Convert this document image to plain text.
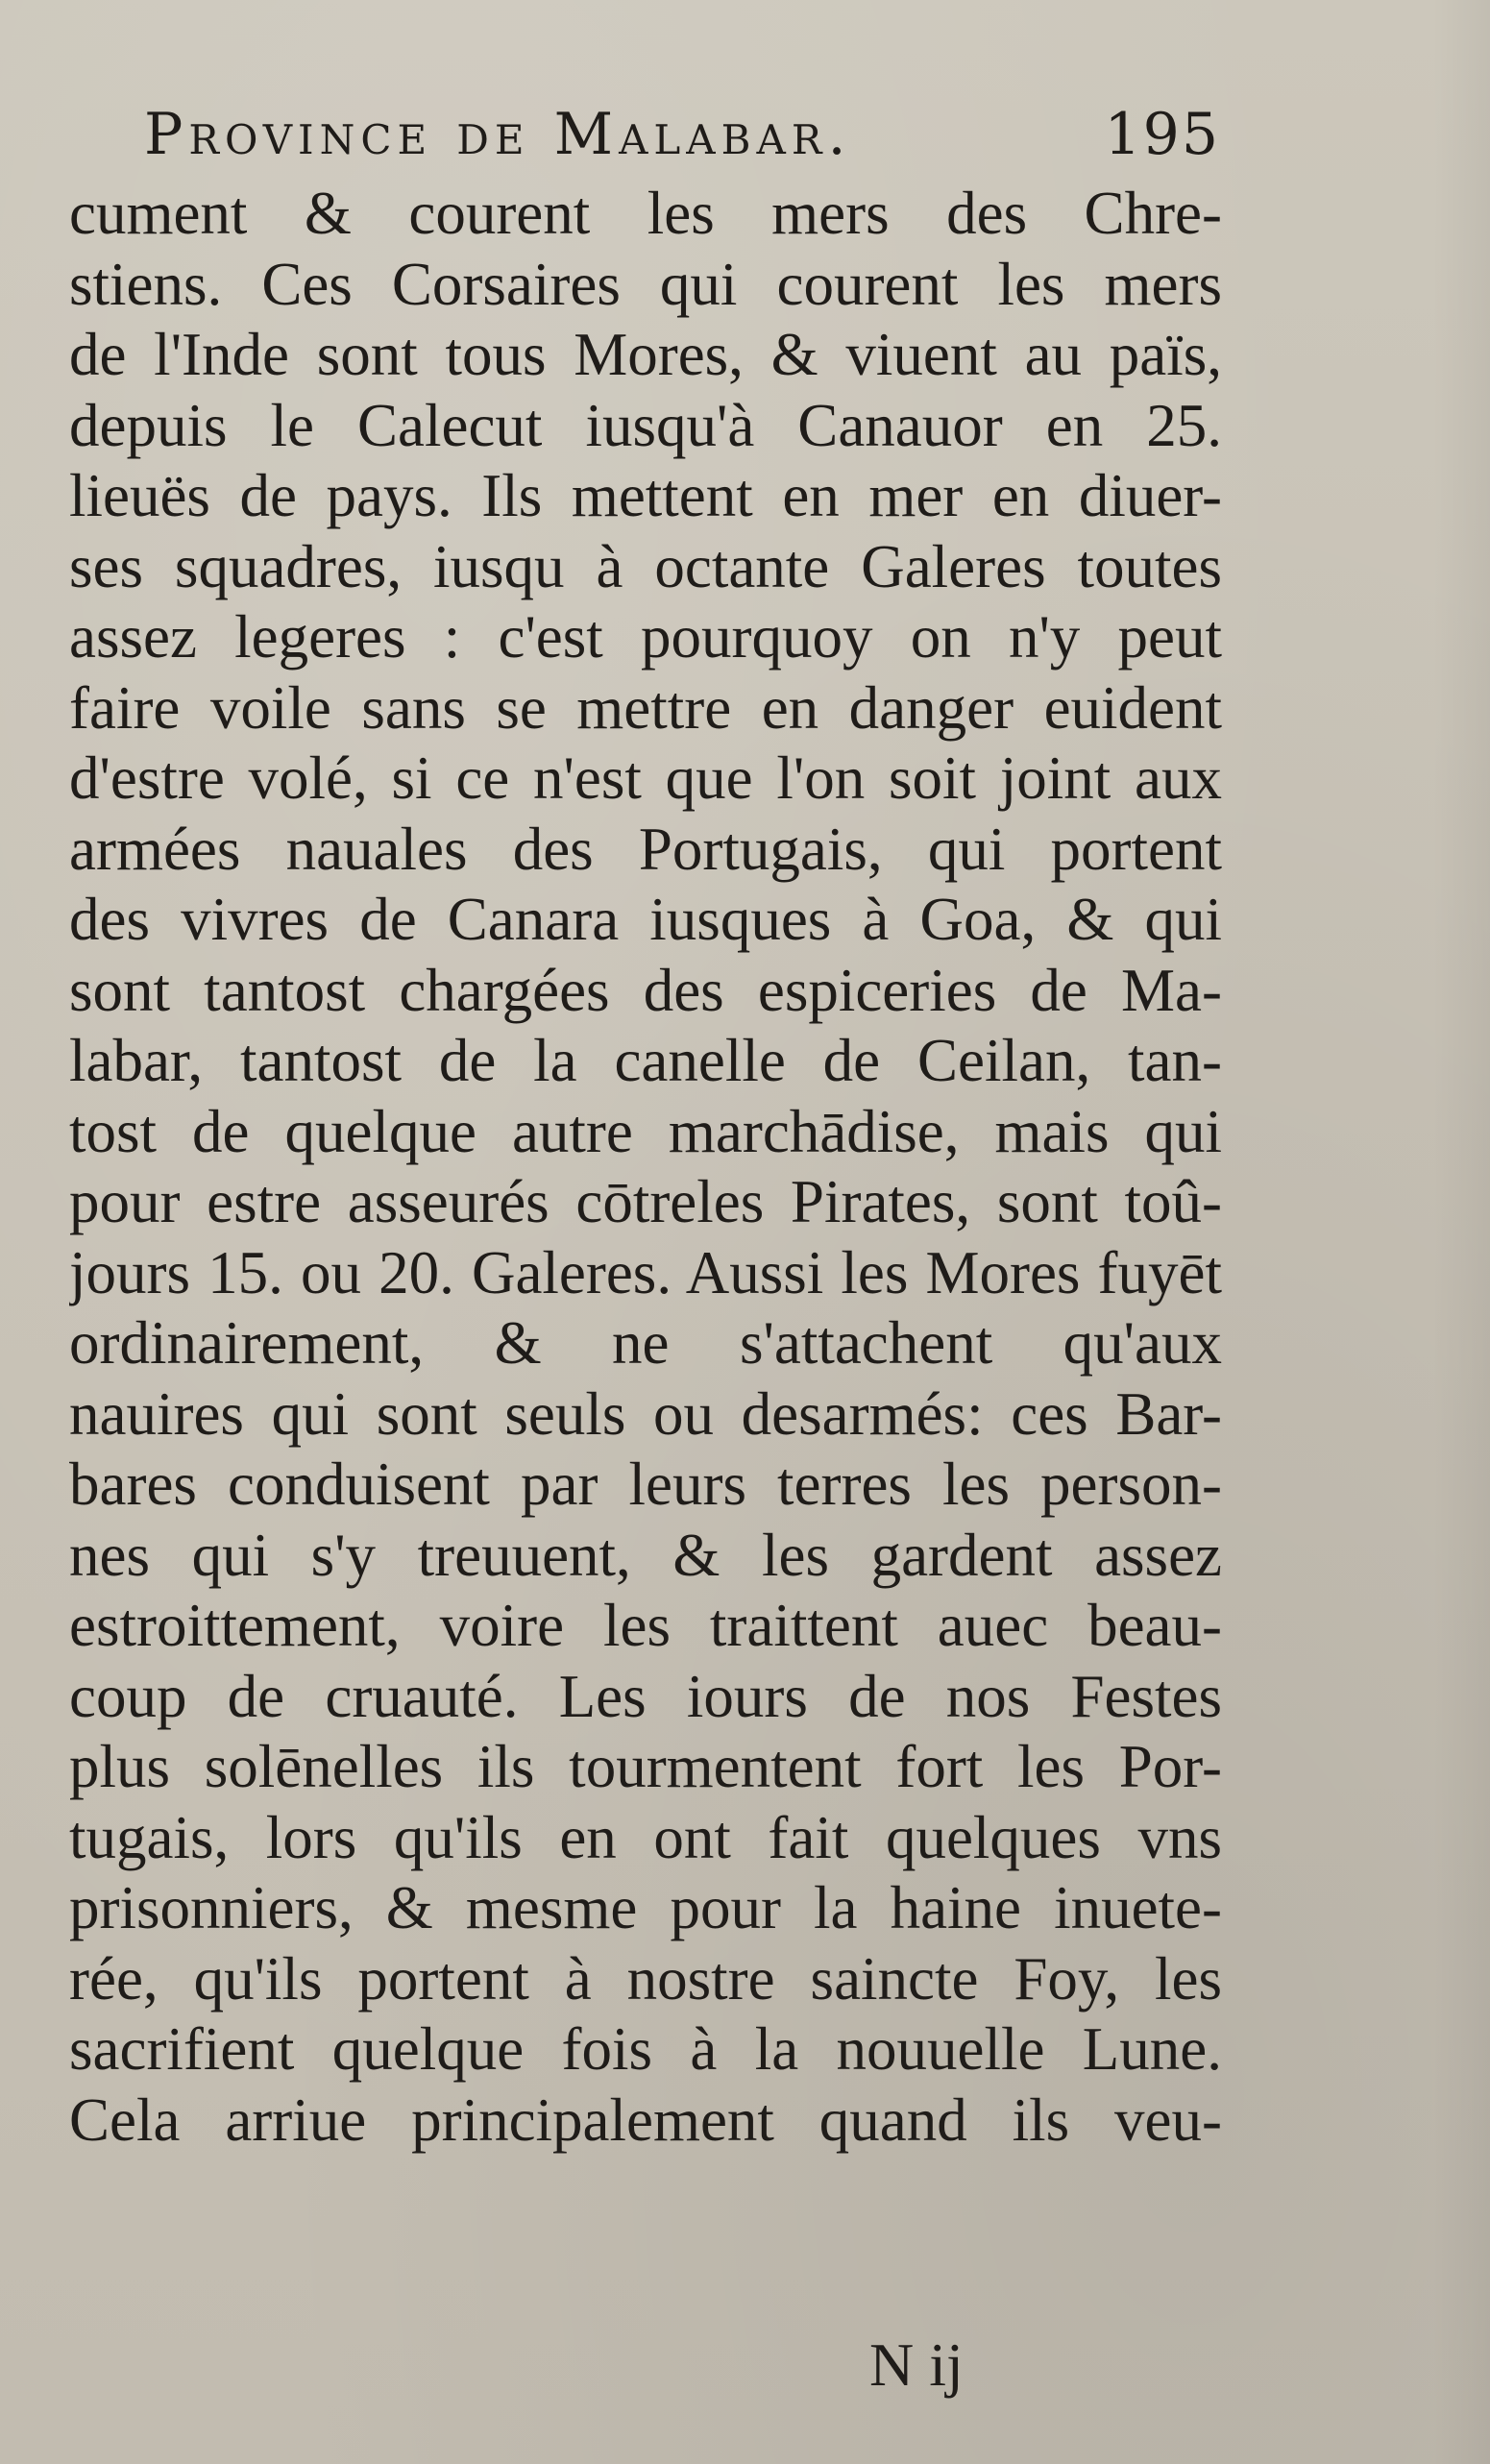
Province de Malabar.	195
cument & courent les mers des Chre-
stiens. Ces Corsaires qui courent les mers
de l'Inde sont tous Mores, & viuent au païs,
depuis le Calecut iusqu'à Canauor en 25.
lieuës de pays. Ils mettent en mer en diuer-
ses squadres, iusqu à octante Galeres toutes
assez legeres : c'est pourquoy on n'y peut
faire voile sans se mettre en danger euident
d'estre volé, si ce n'est que l'on soit joint aux
armées nauales des Portugais, qui portent
des vivres de Canara iusques à Goa, & qui
sont tantost chargées des espiceries de Ma-
labar, tantost de la canelle de Ceilan, tan-
tost de quelque autre marchādise, mais qui
pour estre asseurés cōtreles Pirates, sont toû-
jours 15. ou 20. Galeres. Aussi les Mores fuyēt
ordinairement, & ne s'attachent qu'aux
nauires qui sont seuls ou desarmés: ces Bar-
bares conduisent par leurs terres les person-
nes qui s'y treuuent, & les gardent assez
estroittement, voire les traittent auec beau-
coup de cruauté. Les iours de nos Festes
plus solēnelles ils tourmentent fort les Por-
tugais, lors qu'ils en ont fait quelques vns
prisonniers, & mesme pour la haine inuete-
rée, qu'ils portent à nostre saincte Foy, les
sacrifient quelque fois à la nouuelle Lune.
Cela arriue principalement quand ils veu-
N ij
